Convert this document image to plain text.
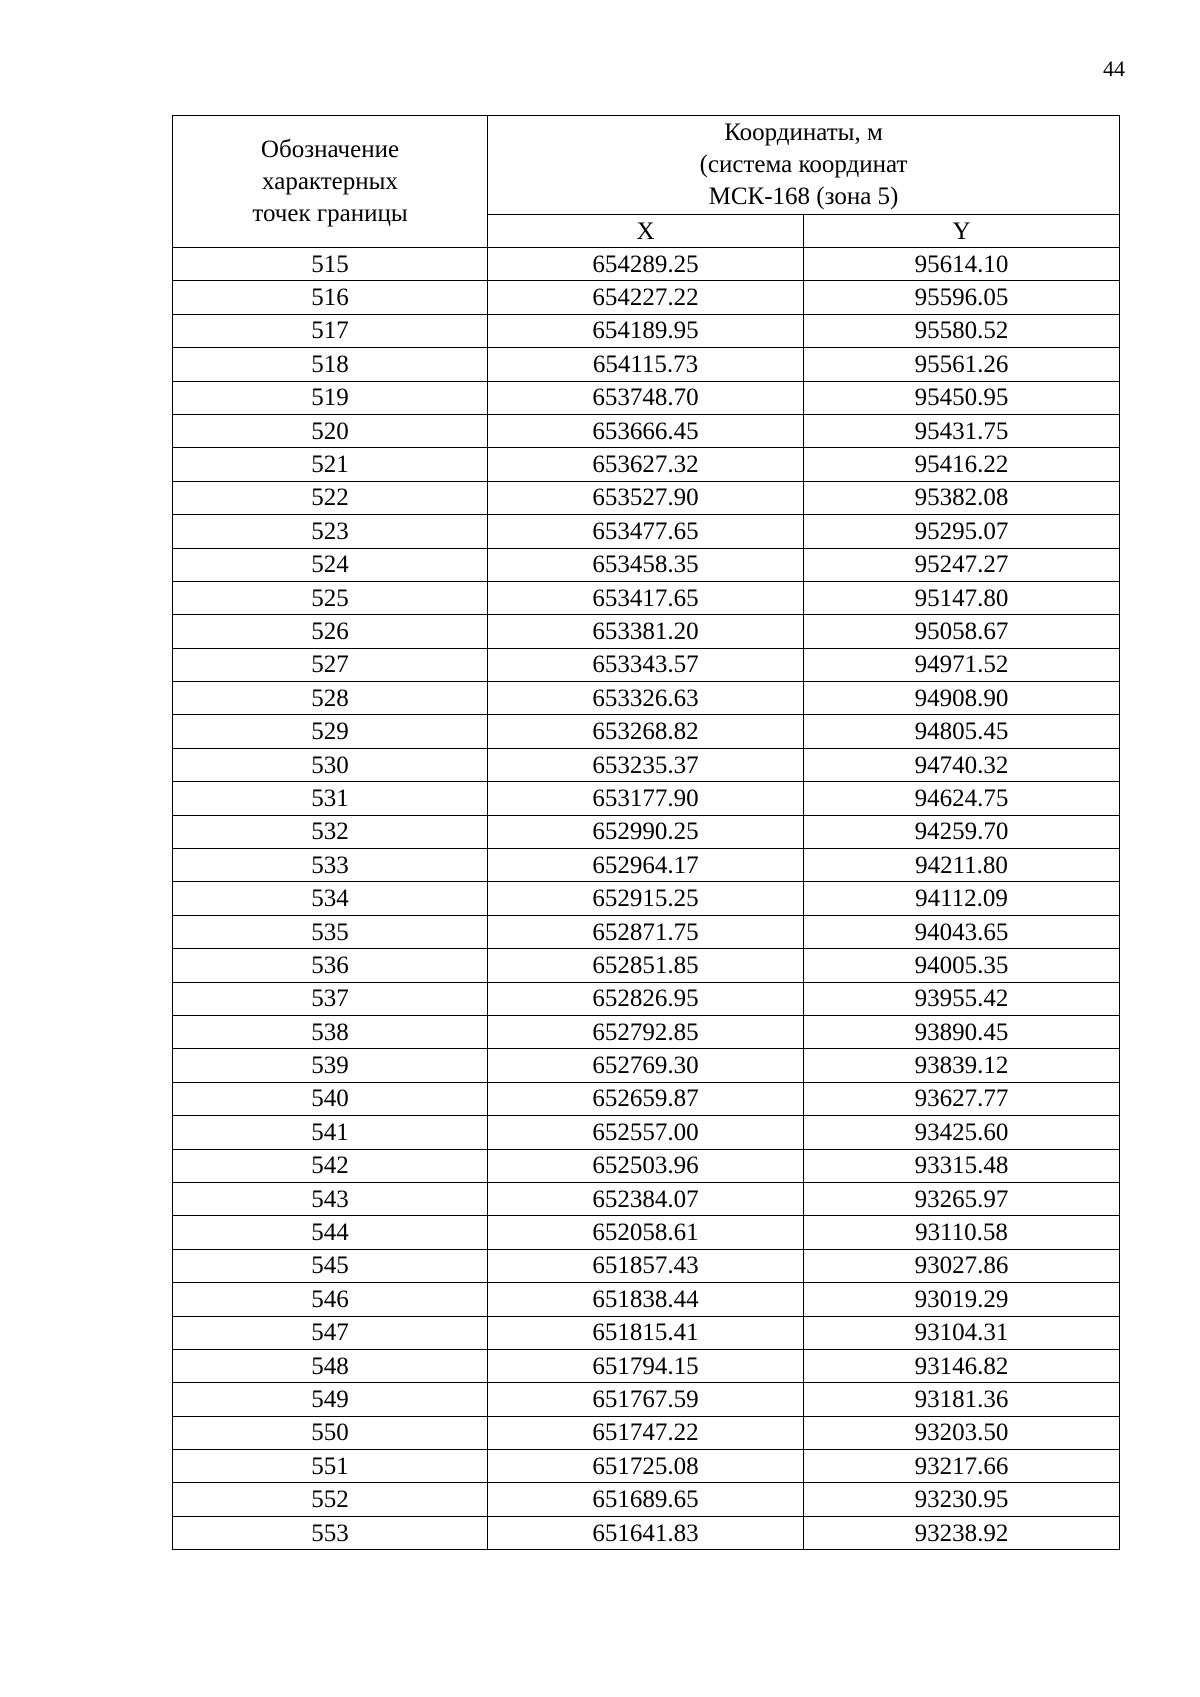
44
Обозначение
характерных
точек границы	Координаты, м
(система координат
МСК-168 (зона 5)	

	X	Y
515	654289.25	95614.10
516	654227.22	95596.05
517	654189.95	95580.52
518	654115.73	95561.26
519	653748.70	95450.95
520	653666.45	95431.75
521	653627.32	95416.22
522	653527.90	95382.08
523	653477.65	95295.07
524	653458.35	95247.27
525	653417.65	95147.80
526	653381.20	95058.67
527	653343.57	94971.52
528	653326.63	94908.90
529	653268.82	94805.45
530	653235.37	94740.32
531	653177.90	94624.75
532	652990.25	94259.70
533	652964.17	94211.80
534	652915.25	94112.09
535	652871.75	94043.65
536	652851.85	94005.35
537	652826.95	93955.42
538	652792.85	93890.45
539	652769.30	93839.12
540	652659.87	93627.77
541	652557.00	93425.60
542	652503.96	93315.48
543	652384.07	93265.97
544	652058.61	93110.58
545	651857.43	93027.86
546	651838.44	93019.29
547	651815.41	93104.31
548	651794.15	93146.82
549	651767.59	93181.36
550	651747.22	93203.50
551	651725.08	93217.66
552	651689.65	93230.95
553	651641.83	93238.92
